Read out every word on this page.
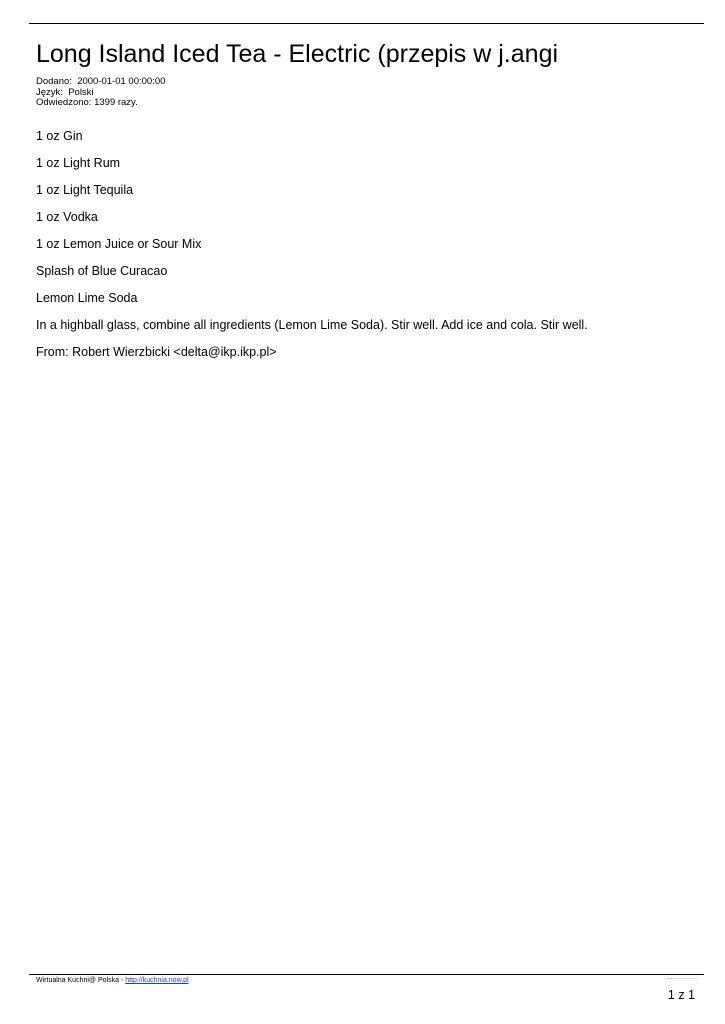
Long Island Iced Tea - Electric (przepis w j.angi
Dodano:  2000-01-01 00:00:00
Język:  Polski
Odwiedzono: 1399 razy.

1 oz Gin

1 oz Light Rum

1 oz Light Tequila

1 oz Vodka

1 oz Lemon Juice or Sour Mix

Splash of Blue Curacao

Lemon Lime Soda

In a highball glass, combine all ingredients (Lemon Lime Soda). Stir well. Add ice and cola. Stir well.

From: Robert Wierzbicki <delta@ikp.ikp.pl>

Wirtualna Kuchni@ Polska - http://kuchnia.now.pl
1 z 1
